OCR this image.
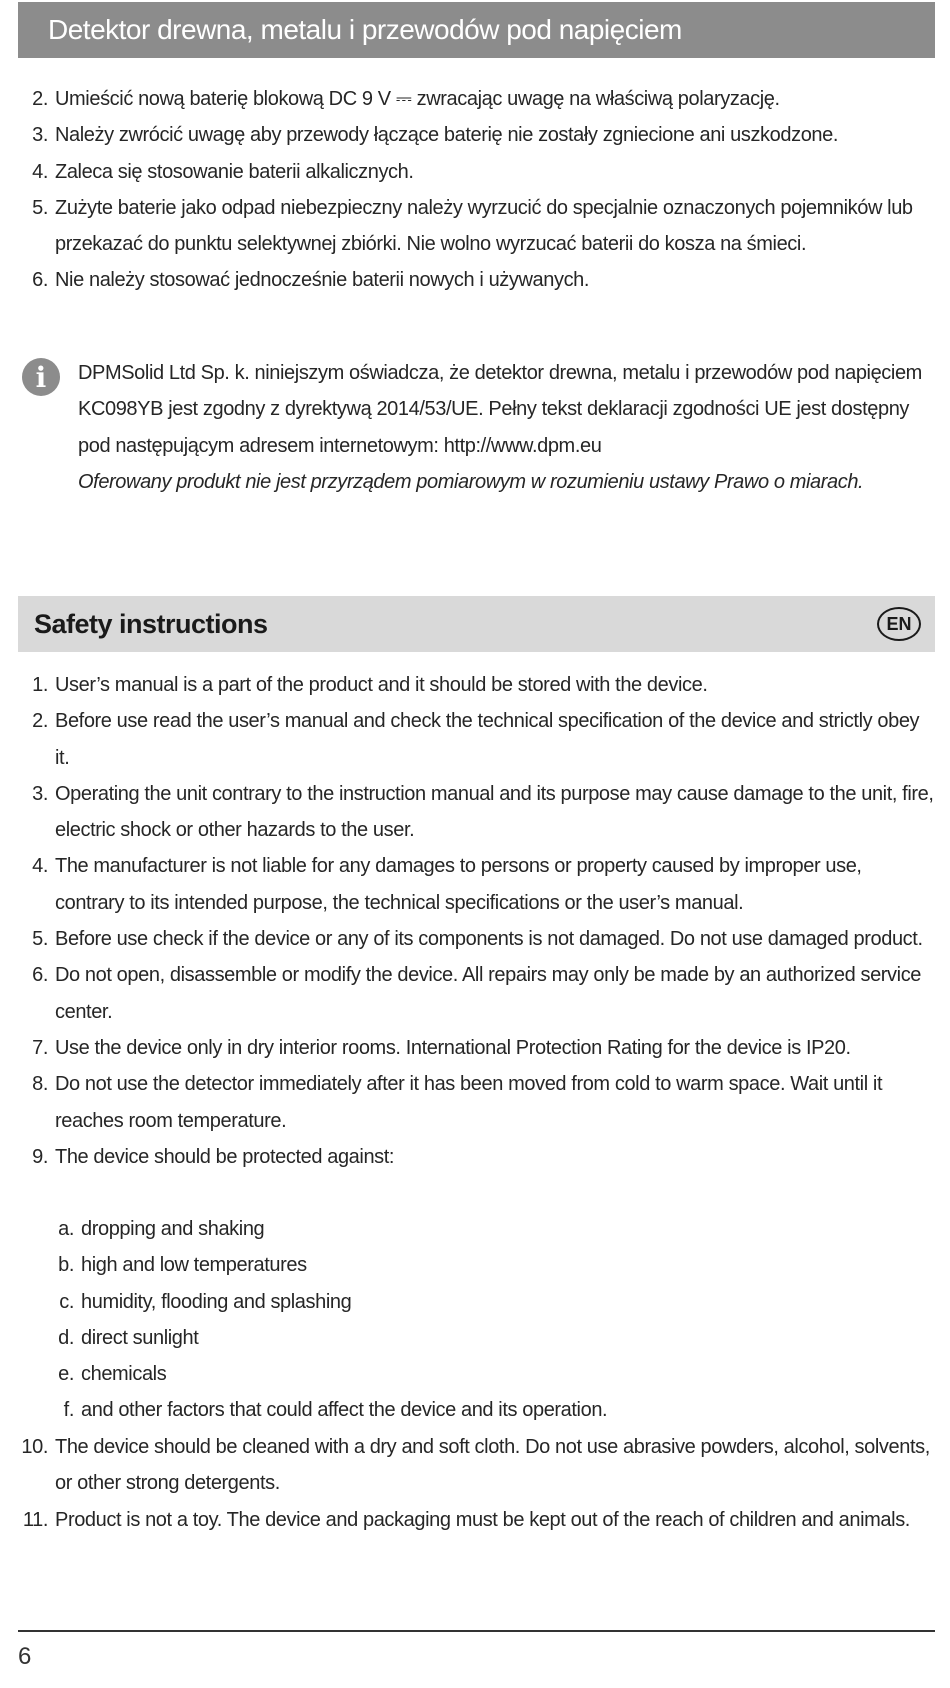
Detektor drewna, metalu i przewodów pod napięciem
2. Umieścić nową baterię blokową DC 9 V ⎓ zwracając uwagę na właściwą polaryzację.
3. Należy zwrócić uwagę aby przewody łączące baterię nie zostały zgniecione ani uszkodzone.
4. Zaleca się stosowanie baterii alkalicznych.
5. Zużyte baterie jako odpad niebezpieczny należy wyrzucić do specjalnie oznaczonych pojemników lub przekazać do punktu selektywnej zbiórki. Nie wolno wyrzucać baterii do kosza na śmieci.
6. Nie należy stosować jednocześnie baterii nowych i używanych.
i	DPMSolid Ltd Sp. k. niniejszym oświadcza, że detektor drewna, metalu i przewodów pod napięciem KC098YB jest zgodny z dyrektywą 2014/53/UE. Pełny tekst deklaracji zgodności UE jest dostępny pod następującym adresem internetowym: http://www.dpm.eu

Oferowany produkt nie jest przyrządem pomiarowym w rozumieniu ustawy Prawo o miarach.

Safety instructions	EN
1. User’s manual is a part of the product and it should be stored with the device.
2. Before use read the user’s manual and check the technical specification of the device and strictly obey it.
3. Operating the unit contrary to the instruction manual and its purpose may cause damage to the unit, fire, electric shock or other hazards to the user.
4. The manufacturer is not liable for any damages to persons or property caused by improper use, contrary to its intended purpose, the technical specifications or the user’s manual.
5. Before use check if the device or any of its components is not damaged. Do not use damaged product.
6. Do not open, disassemble or modify the device. All repairs may only be made by an authorized service center.
7. Use the device only in dry interior rooms. International Protection Rating for the device is IP20.
8. Do not use the detector immediately after it has been moved from cold to warm space. Wait until it reaches room temperature.
9. The device should be protected against:
a. dropping and shaking
b. high and low temperatures
c. humidity, flooding and splashing
d. direct sunlight
e. chemicals
f. and other factors that could affect the device and its operation.
10. The device should be cleaned with a dry and soft cloth. Do not use abrasive powders, alcohol, solvents, or other strong detergents.
11. Product is not a toy. The device and packaging must be kept out of the reach of children and animals.
6
